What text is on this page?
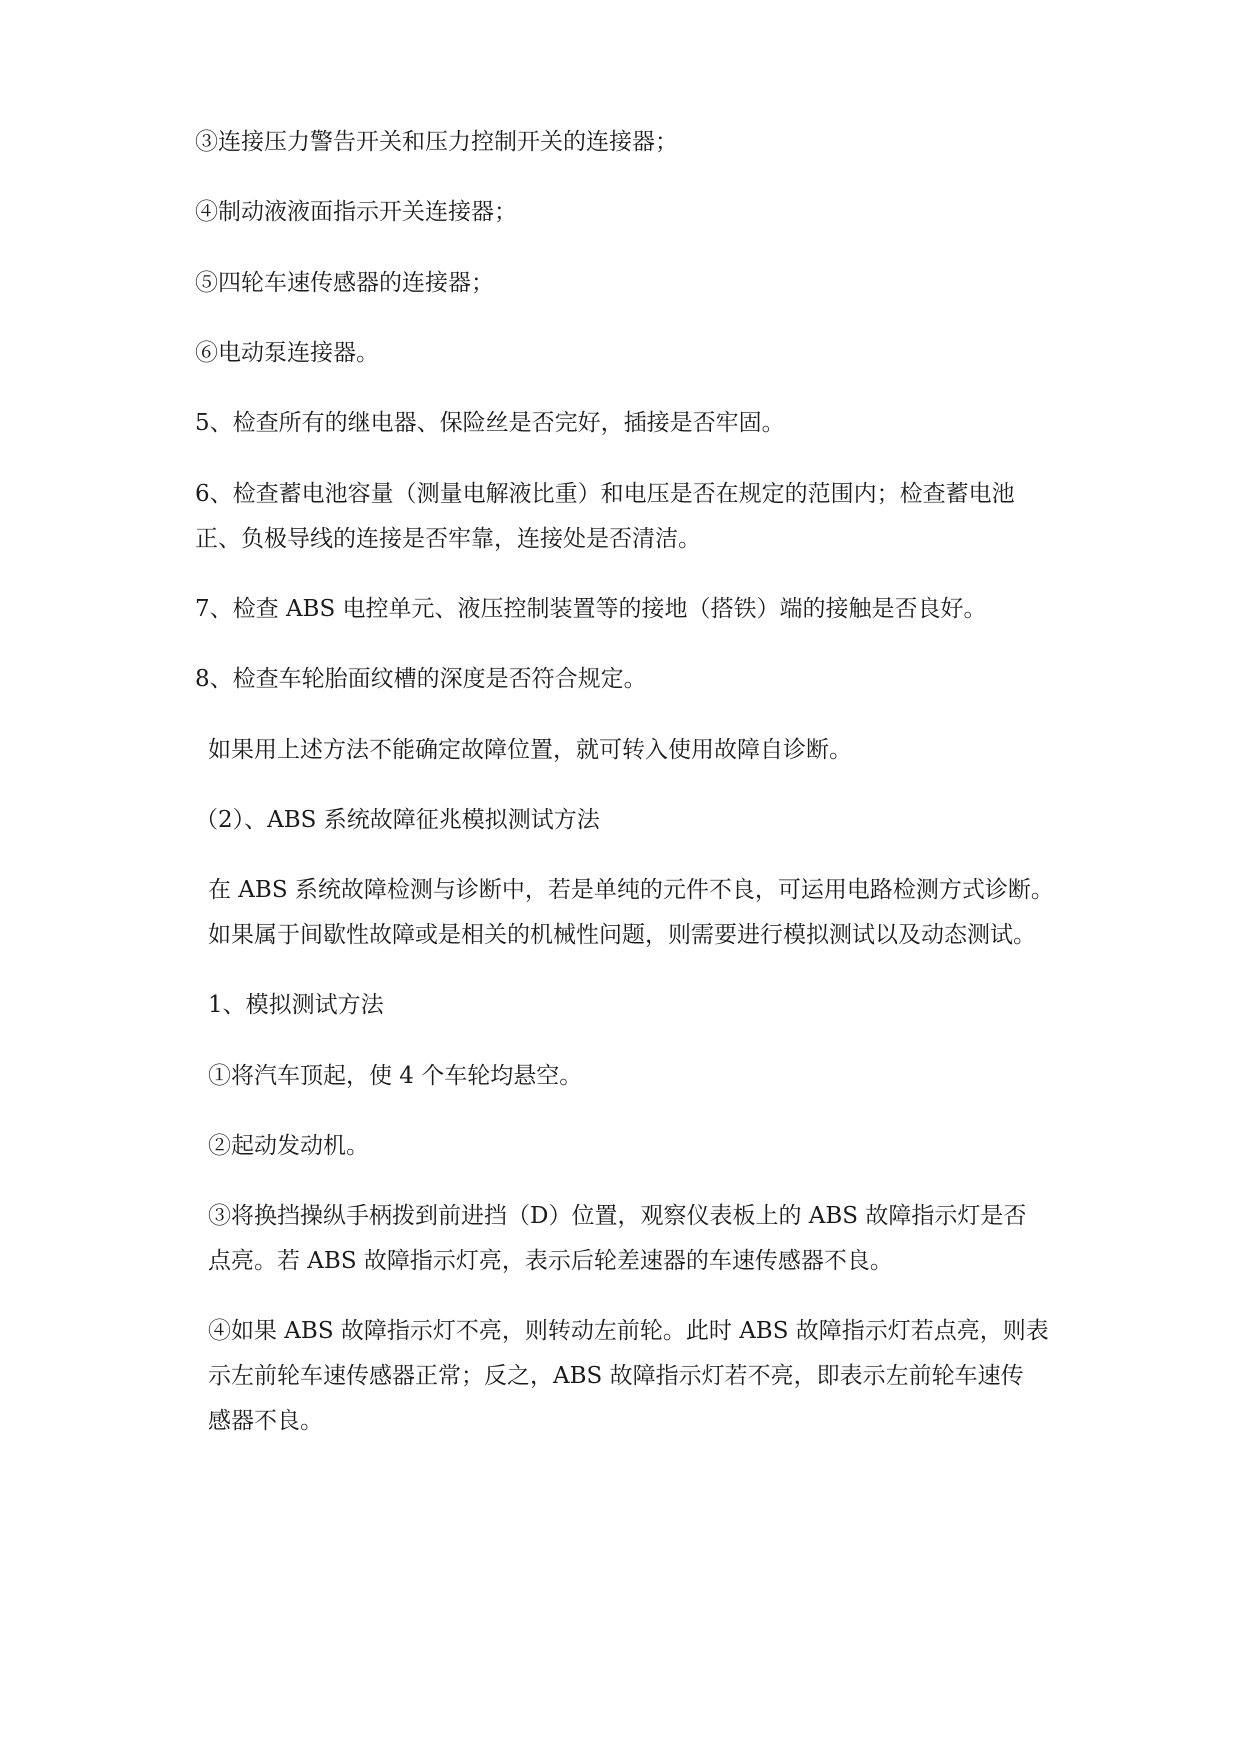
③连接压力警告开关和压力控制开关的连接器；
④制动液液面指示开关连接器；
⑤四轮车速传感器的连接器；
⑥电动泵连接器。
5、检查所有的继电器、保险丝是否完好，插接是否牢固。
6、检查蓄电池容量（测量电解液比重）和电压是否在规定的范围内；检查蓄电池
正、负极导线的连接是否牢靠，连接处是否清洁。
7、检查 ABS 电控单元、液压控制装置等的接地（搭铁）端的接触是否良好。
8、检查车轮胎面纹槽的深度是否符合规定。
如果用上述方法不能确定故障位置，就可转入使用故障自诊断。
（2）、ABS 系统故障征兆模拟测试方法
在 ABS 系统故障检测与诊断中，若是单纯的元件不良，可运用电路检测方式诊断。
如果属于间歇性故障或是相关的机械性问题，则需要进行模拟测试以及动态测试。
1、模拟测试方法
①将汽车顶起，使 4 个车轮均悬空。
②起动发动机。
③将换挡操纵手柄拨到前进挡（D）位置，观察仪表板上的 ABS 故障指示灯是否
点亮。若 ABS 故障指示灯亮，表示后轮差速器的车速传感器不良。
④如果 ABS 故障指示灯不亮，则转动左前轮。此时 ABS 故障指示灯若点亮，则表
示左前轮车速传感器正常；反之，ABS 故障指示灯若不亮，即表示左前轮车速传
感器不良。
